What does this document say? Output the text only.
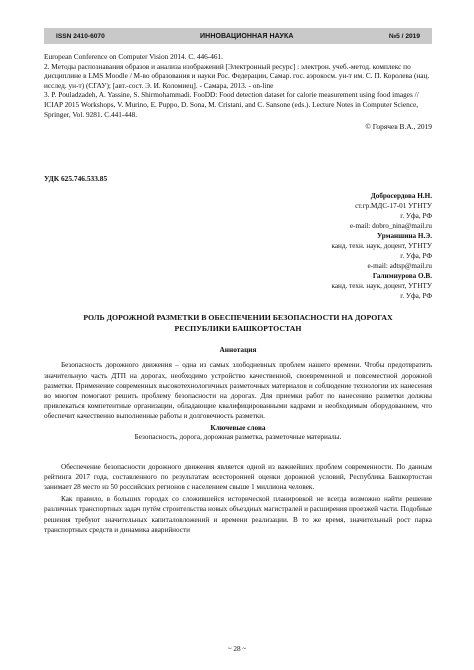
ISSN 2410-6070	ИННОВАЦИОННАЯ НАУКА	№5 / 2019

European Conference on Computer Vision 2014. С. 446-461.

2. Методы распознавания образов и анализа изображений [Электронный ресурс] : электрон. учеб.-метод. комплекс по дисциплине в LMS Moodle / М-во образования и науки Рос. Федерации, Самар. гос. аэрокосм. ун-т им. С. П. Королева (нац. исслед. ун-т) (СГАУ); [авт.-сост. Э. И. Коломиец]. - Самара, 2013. - on-line

3. P. Pouladzadeh, A. Yassine, S. Shirmohammadi. FooDD: Food detection dataset for calorie measurement using food images // ICIAP 2015 Workshops, V. Murino, E. Puppo, D. Sona, M. Cristani, and C. Sansone (eds.). Lecture Notes in Computer Science, Springer, Vol. 9281. С.441-448.

© Горячев В.А., 2019

УДК 625.746.533.85

Добросердова Н.Н.
ст.гр.МДС-17-01 УГНТУ
г. Уфа, РФ
e-mail: dobro_nina@mail.ru
Урманшина Н.Э.
канд. техн. наук, доцент, УГНТУ
г. Уфа, РФ
e-mail: adtsp@mail.ru
Галимнурова О.В.
канд. техн. наук, доцент, УГНТУ
г. Уфа, РФ
РОЛЬ ДОРОЖНОЙ РАЗМЕТКИ В ОБЕСПЕЧЕНИИ БЕЗОПАСНОСТИ НА ДОРОГАХ
РЕСПУБЛИКИ БАШКОРТОСТАН
Аннотация

Безопасность дорожного движения – одна из самых злободневных проблем нашего времени. Чтобы предотвратить значительную часть ДТП на дорогах, необходимо устройство качественной, своевременной и повсеместной дорожной разметки. Применение современных высокотехнологичных разметочных материалов и соблюдение технологии их нанесения во многом помогают решить проблему безопасности на дорогах. Для приемки работ по нанесению разметки должны привлекаться компетентные организации, обладающие квалифицированными кадрами и необходимым оборудованием, что обеспечит качественно выполненные работы и долговечность разметки.

Ключевые слова
Безопасность, дорога, дорожная разметка, разметочные материалы.

Обеспечение безопасности дорожного движения является одной из важнейших проблем современности. По данным рейтинга 2017 года, составленного по результатам всесторонней оценки дорожной условий, Республика Башкортостан занимает 28 место из 50 российских регионов с населением свыше 1 миллиона человек.

Как правило, в больших городах со сложившейся исторической планировкой не всегда возможно найти решение различных транспортных задач путём строительства новых объездных магистралей и расширения проезжей части. Подобные решения требуют значительных капиталовложений и времени реализации. В то же время, значительный рост парка транспортных средств и динамика аварийности

~ 28 ~
